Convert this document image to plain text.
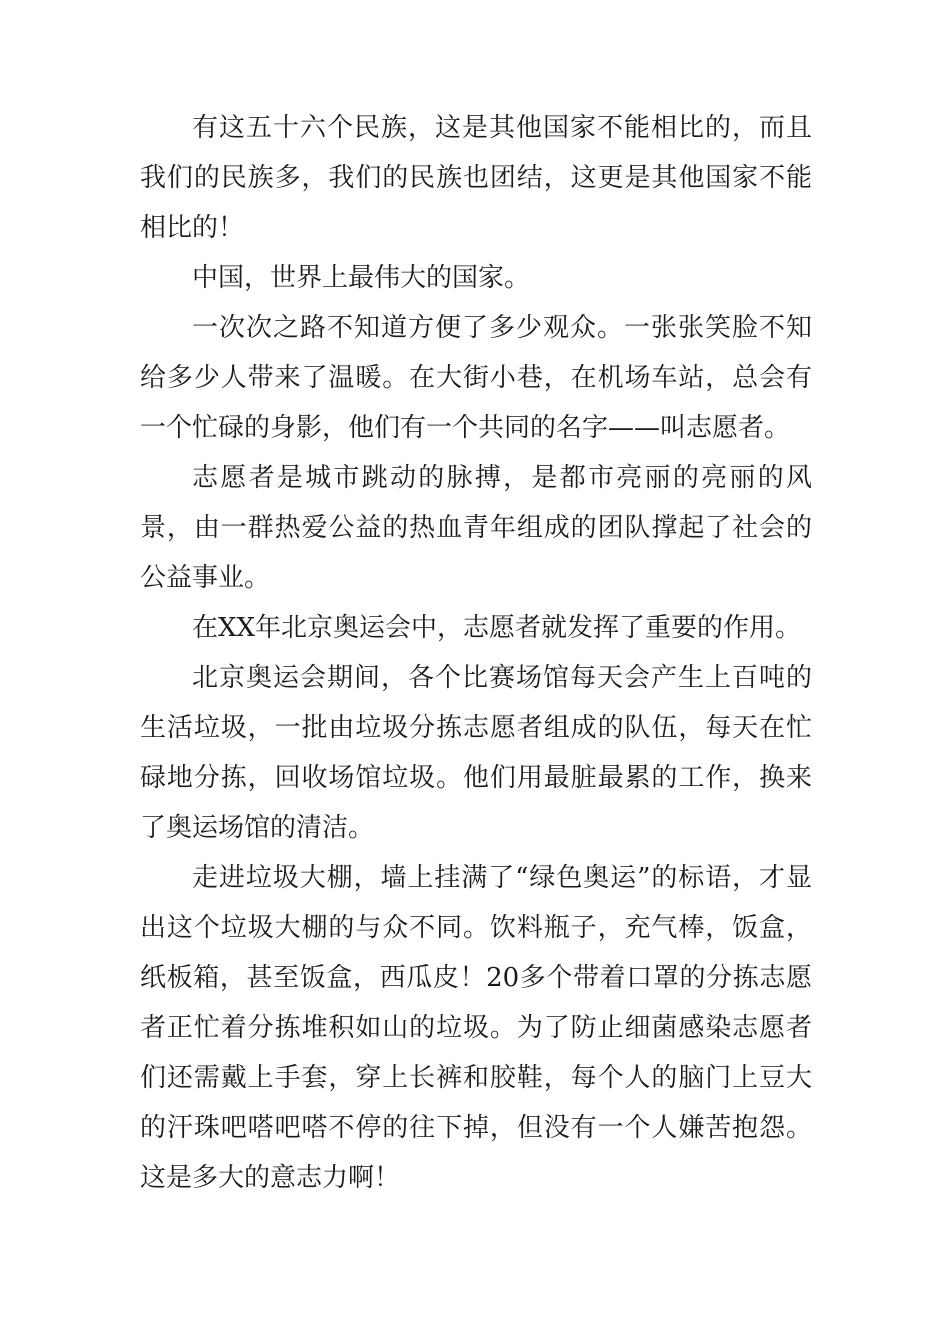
有这五十六个民族，这是其他国家不能相比的，而且我们的民族多，我们的民族也团结，这更是其他国家不能相比的！

中国，世界上最伟大的国家。

一次次之路不知道方便了多少观众。一张张笑脸不知给多少人带来了温暖。在大街小巷，在机场车站，总会有一个忙碌的身影，他们有一个共同的名字——叫志愿者。

志愿者是城市跳动的脉搏，是都市亮丽的亮丽的风景，由一群热爱公益的热血青年组成的团队撑起了社会的公益事业。

在XX年北京奥运会中，志愿者就发挥了重要的作用。

北京奥运会期间，各个比赛场馆每天会产生上百吨的生活垃圾，一批由垃圾分拣志愿者组成的队伍，每天在忙碌地分拣，回收场馆垃圾。他们用最脏最累的工作，换来了奥运场馆的清洁。

走进垃圾大棚，墙上挂满了“绿色奥运”的标语，才显出这个垃圾大棚的与众不同。饮料瓶子，充气棒，饭盒，纸板箱，甚至饭盒，西瓜皮！20多个带着口罩的分拣志愿者正忙着分拣堆积如山的垃圾。为了防止细菌感染志愿者们还需戴上手套，穿上长裤和胶鞋，每个人的脑门上豆大的汗珠吧嗒吧嗒不停的往下掉，但没有一个人嫌苦抱怨。这是多大的意志力啊！
